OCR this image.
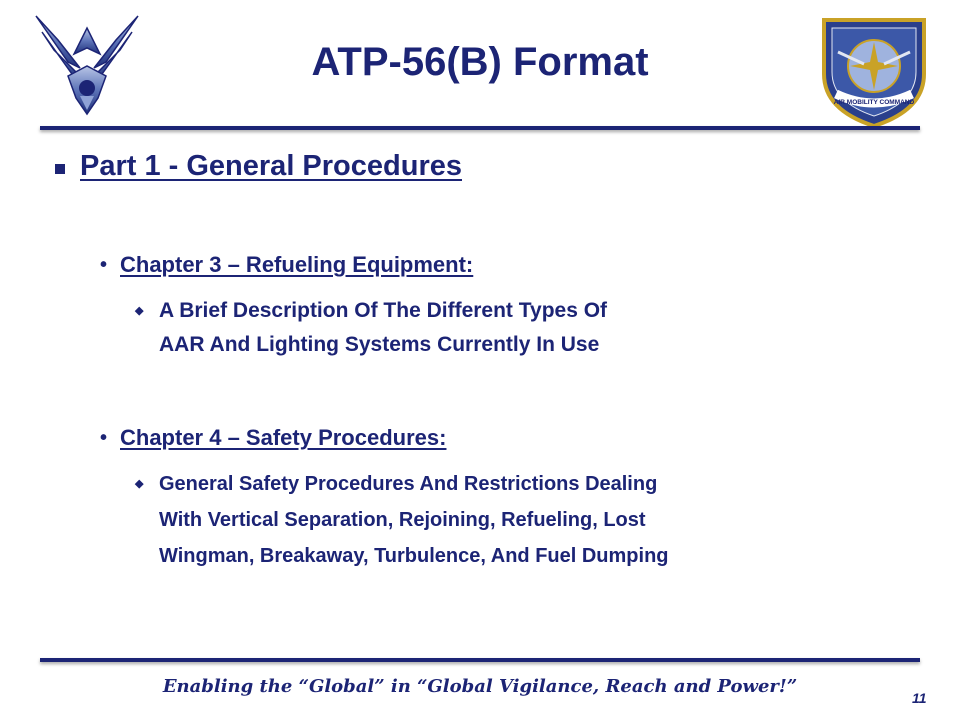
ATP-56(B) Format
AIR MOBILITY COMMAND
Part 1 - General Procedures
• Chapter 3 – Refueling Equipment:
◆ A Brief Description Of The Different Types Of
AAR And Lighting Systems Currently In Use
• Chapter 4 – Safety Procedures:
◆ General Safety Procedures And Restrictions Dealing
With Vertical Separation, Rejoining, Refueling, Lost
Wingman, Breakaway, Turbulence, And Fuel Dumping
Enabling the “Global” in “Global Vigilance, Reach and Power!”
11
